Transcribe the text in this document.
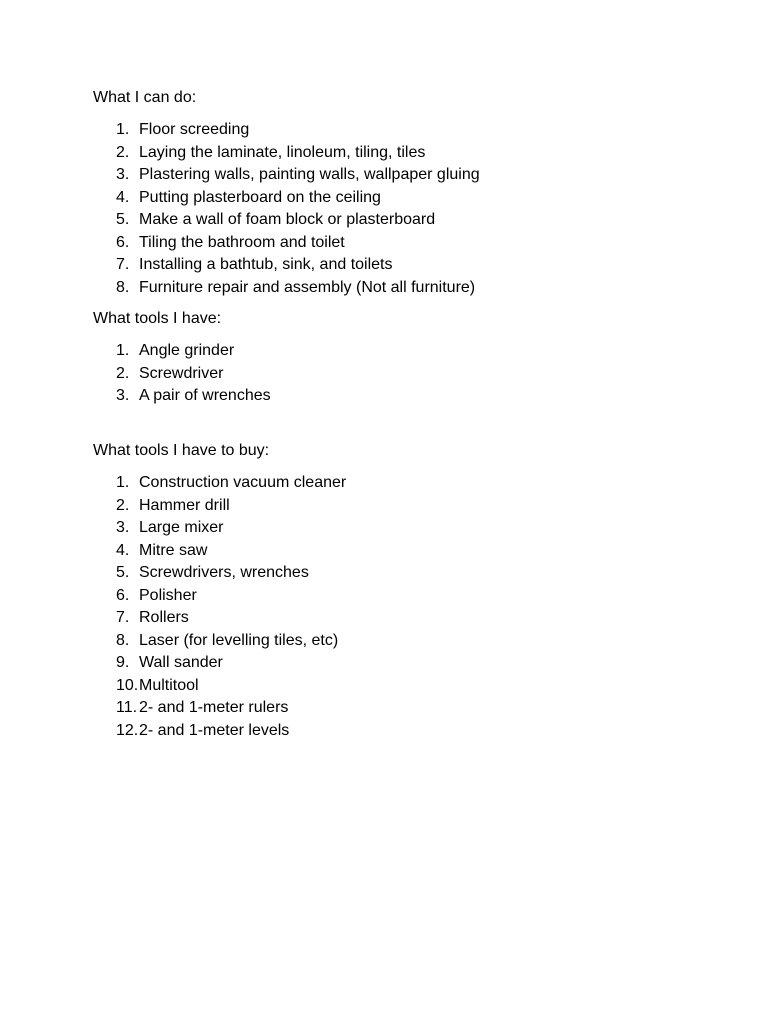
What I can do:
1. Floor screeding
2. Laying the laminate, linoleum, tiling, tiles
3. Plastering walls, painting walls, wallpaper gluing
4. Putting plasterboard on the ceiling
5. Make a wall of foam block or plasterboard
6. Tiling the bathroom and toilet
7. Installing a bathtub, sink, and toilets
8. Furniture repair and assembly (Not all furniture)
What tools I have:
1. Angle grinder
2. Screwdriver
3. A pair of wrenches
What tools I have to buy:
1. Construction vacuum cleaner
2. Hammer drill
3. Large mixer
4. Mitre saw
5. Screwdrivers, wrenches
6. Polisher
7. Rollers
8. Laser (for levelling tiles, etc)
9. Wall sander
10. Multitool
11. 2- and 1-meter rulers
12. 2- and 1-meter levels
